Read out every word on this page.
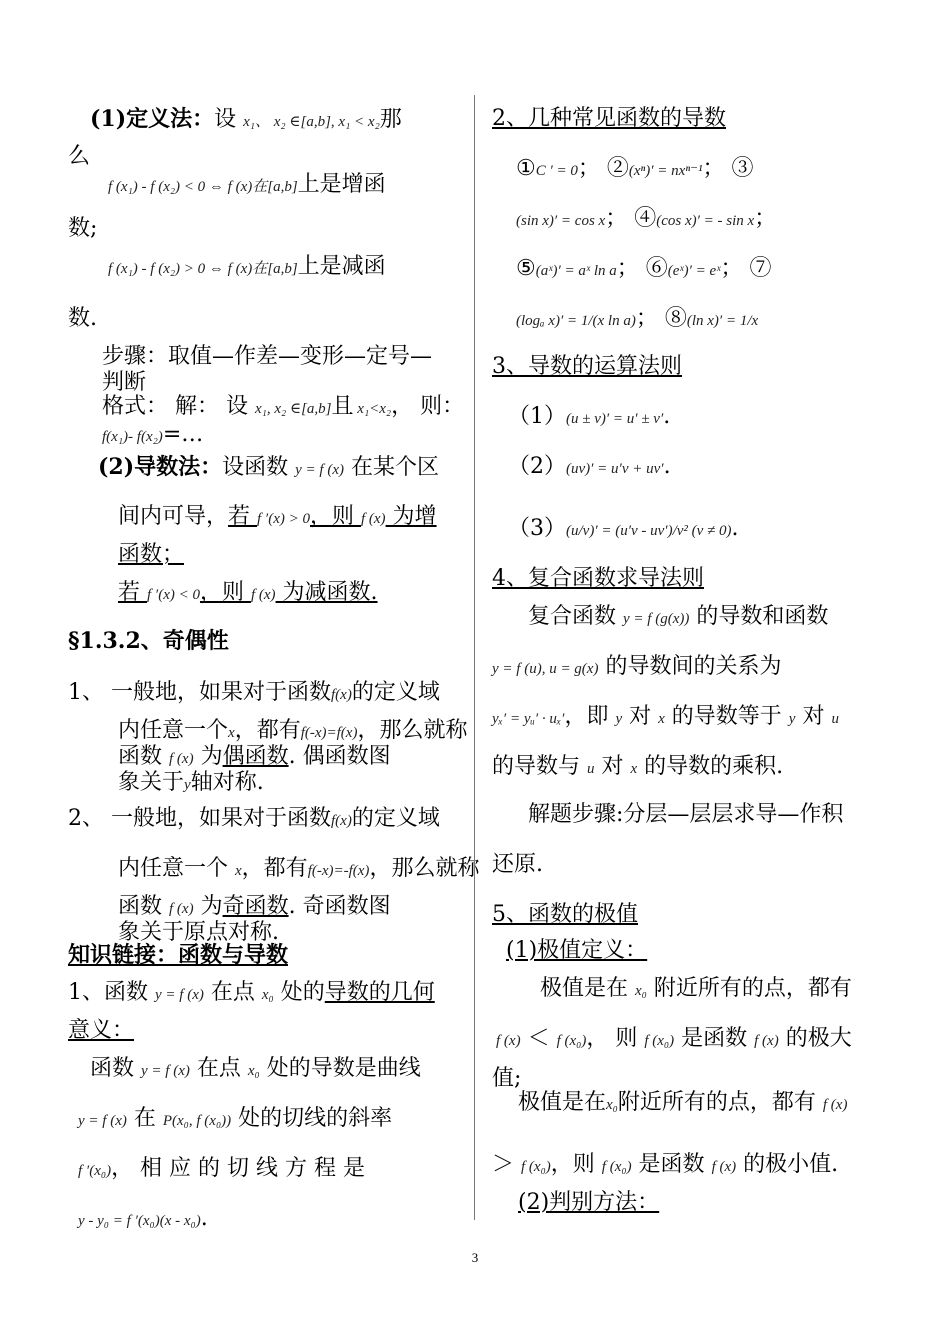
(1)定义法：设 x₁、 x₂ ∈[a,b], x₁ < x₂那
么
f (x₁) - f (x₂) < 0 ⇔ f (x)在[a,b]上是增函
数;
f (x₁) - f (x₂) > 0 ⇔ f (x)在[a,b]上是减函
数.
步骤：取值—作差—变形—定号—
判断
格式： 解： 设 x₁, x₂ ∈[a,b]且 x₁<x₂， 则：
f(x₁)- f(x₂)=…
(2)导数法：设函数 y = f (x) 在某个区
间内可导，若 f ′(x) > 0，则 f (x) 为增
函数；
若 f ′(x) < 0，则 f (x) 为减函数.
§1.3.2、奇偶性
1、 一般地，如果对于函数f(x)的定义域
内任意一个x，都有f(-x)=f(x)，那么就称
函数 f (x) 为偶函数. 偶函数图
象关于y轴对称.
2、 一般地，如果对于函数f(x)的定义域
内任意一个 x，都有f(-x)=-f(x)，那么就称
函数 f (x) 为奇函数. 奇函数图
象关于原点对称.
知识链接：函数与导数
1、函数 y = f (x) 在点 x₀ 处的导数的几何
意义：
函数 y = f (x) 在点 x₀ 处的导数是曲线
y = f (x) 在 P(x₀, f (x₀)) 处的切线的斜率
f ′(x₀)， 相 应 的 切 线 方 程 是
y - y₀ = f ′(x₀)(x - x₀).
2、几种常见函数的导数
①C ′ = 0； ②(xⁿ)′ = nxⁿ⁻¹； ③
(sin x)′ = cos x； ④(cos x)′ = - sin x；
⑤(aˣ)′ = aˣ ln a； ⑥(eˣ)′ = eˣ； ⑦
(logₐ x)′ = 1/(x ln a)； ⑧(ln x)′ = 1/x
3、导数的运算法则
（1）(u ± v)′ = u′ ± v′.
（2）(uv)′ = u′v + uv′.
（3）(u/v)′ = (u′v - uv′)/v² (v ≠ 0).
4、复合函数求导法则
复合函数 y = f (g(x)) 的导数和函数
y = f (u), u = g(x) 的导数间的关系为
yₓ′ = yᵤ′ · uₓ′，即 y 对 x 的导数等于 y 对 u
的导数与 u 对 x 的导数的乘积.
解题步骤:分层—层层求导—作积
还原.
5、函数的极值
(1)极值定义：
极值是在 x₀ 附近所有的点，都有
f (x) ＜ f (x₀)， 则 f (x₀) 是函数 f (x) 的极大
值;
极值是在x₀附近所有的点，都有 f (x)
＞ f (x₀)，则 f (x₀) 是函数 f (x) 的极小值.
(2)判别方法：
3
